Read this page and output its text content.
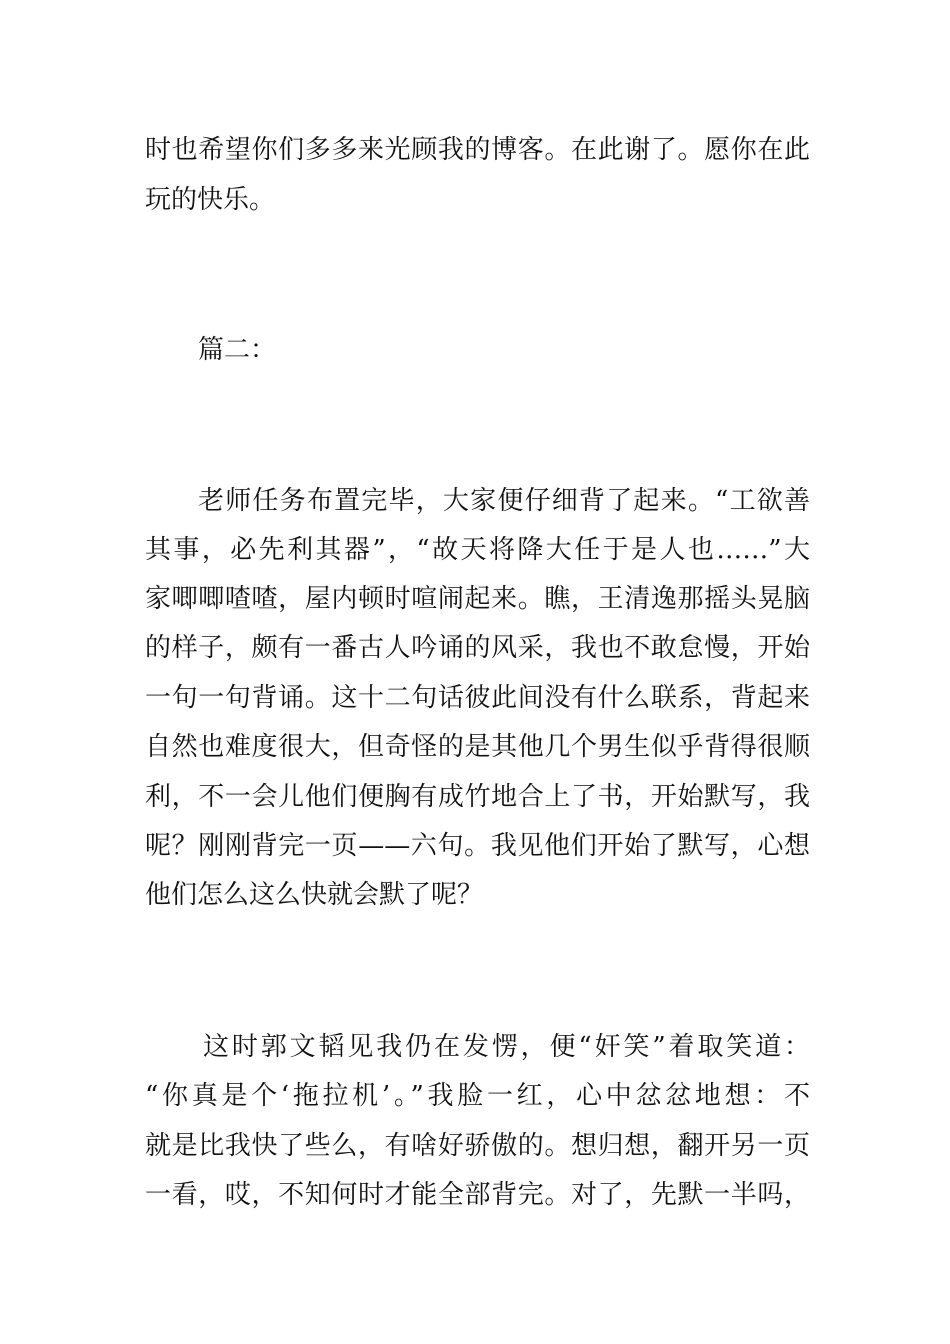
时也希望你们多多来光顾我的博客。在此谢了。愿你在此
玩的快乐。
篇二：
老师任务布置完毕，大家便仔细背了起来。“工欲善
其事，必先利其器”，“故天将降大任于是人也……”大
家唧唧喳喳，屋内顿时喧闹起来。瞧，王清逸那摇头晃脑
的样子，颇有一番古人吟诵的风采，我也不敢怠慢，开始
一句一句背诵。这十二句话彼此间没有什么联系，背起来
自然也难度很大，但奇怪的是其他几个男生似乎背得很顺
利，不一会儿他们便胸有成竹地合上了书，开始默写，我
呢？刚刚背完一页——六句。我见他们开始了默写，心想
他们怎么这么快就会默了呢？
这时郭文韬见我仍在发愣，便“奸笑”着取笑道：
“你真是个‘拖拉机’。”我脸一红，心中忿忿地想：不
就是比我快了些么，有啥好骄傲的。想归想，翻开另一页
一看，哎，不知何时才能全部背完。对了，先默一半吗，
